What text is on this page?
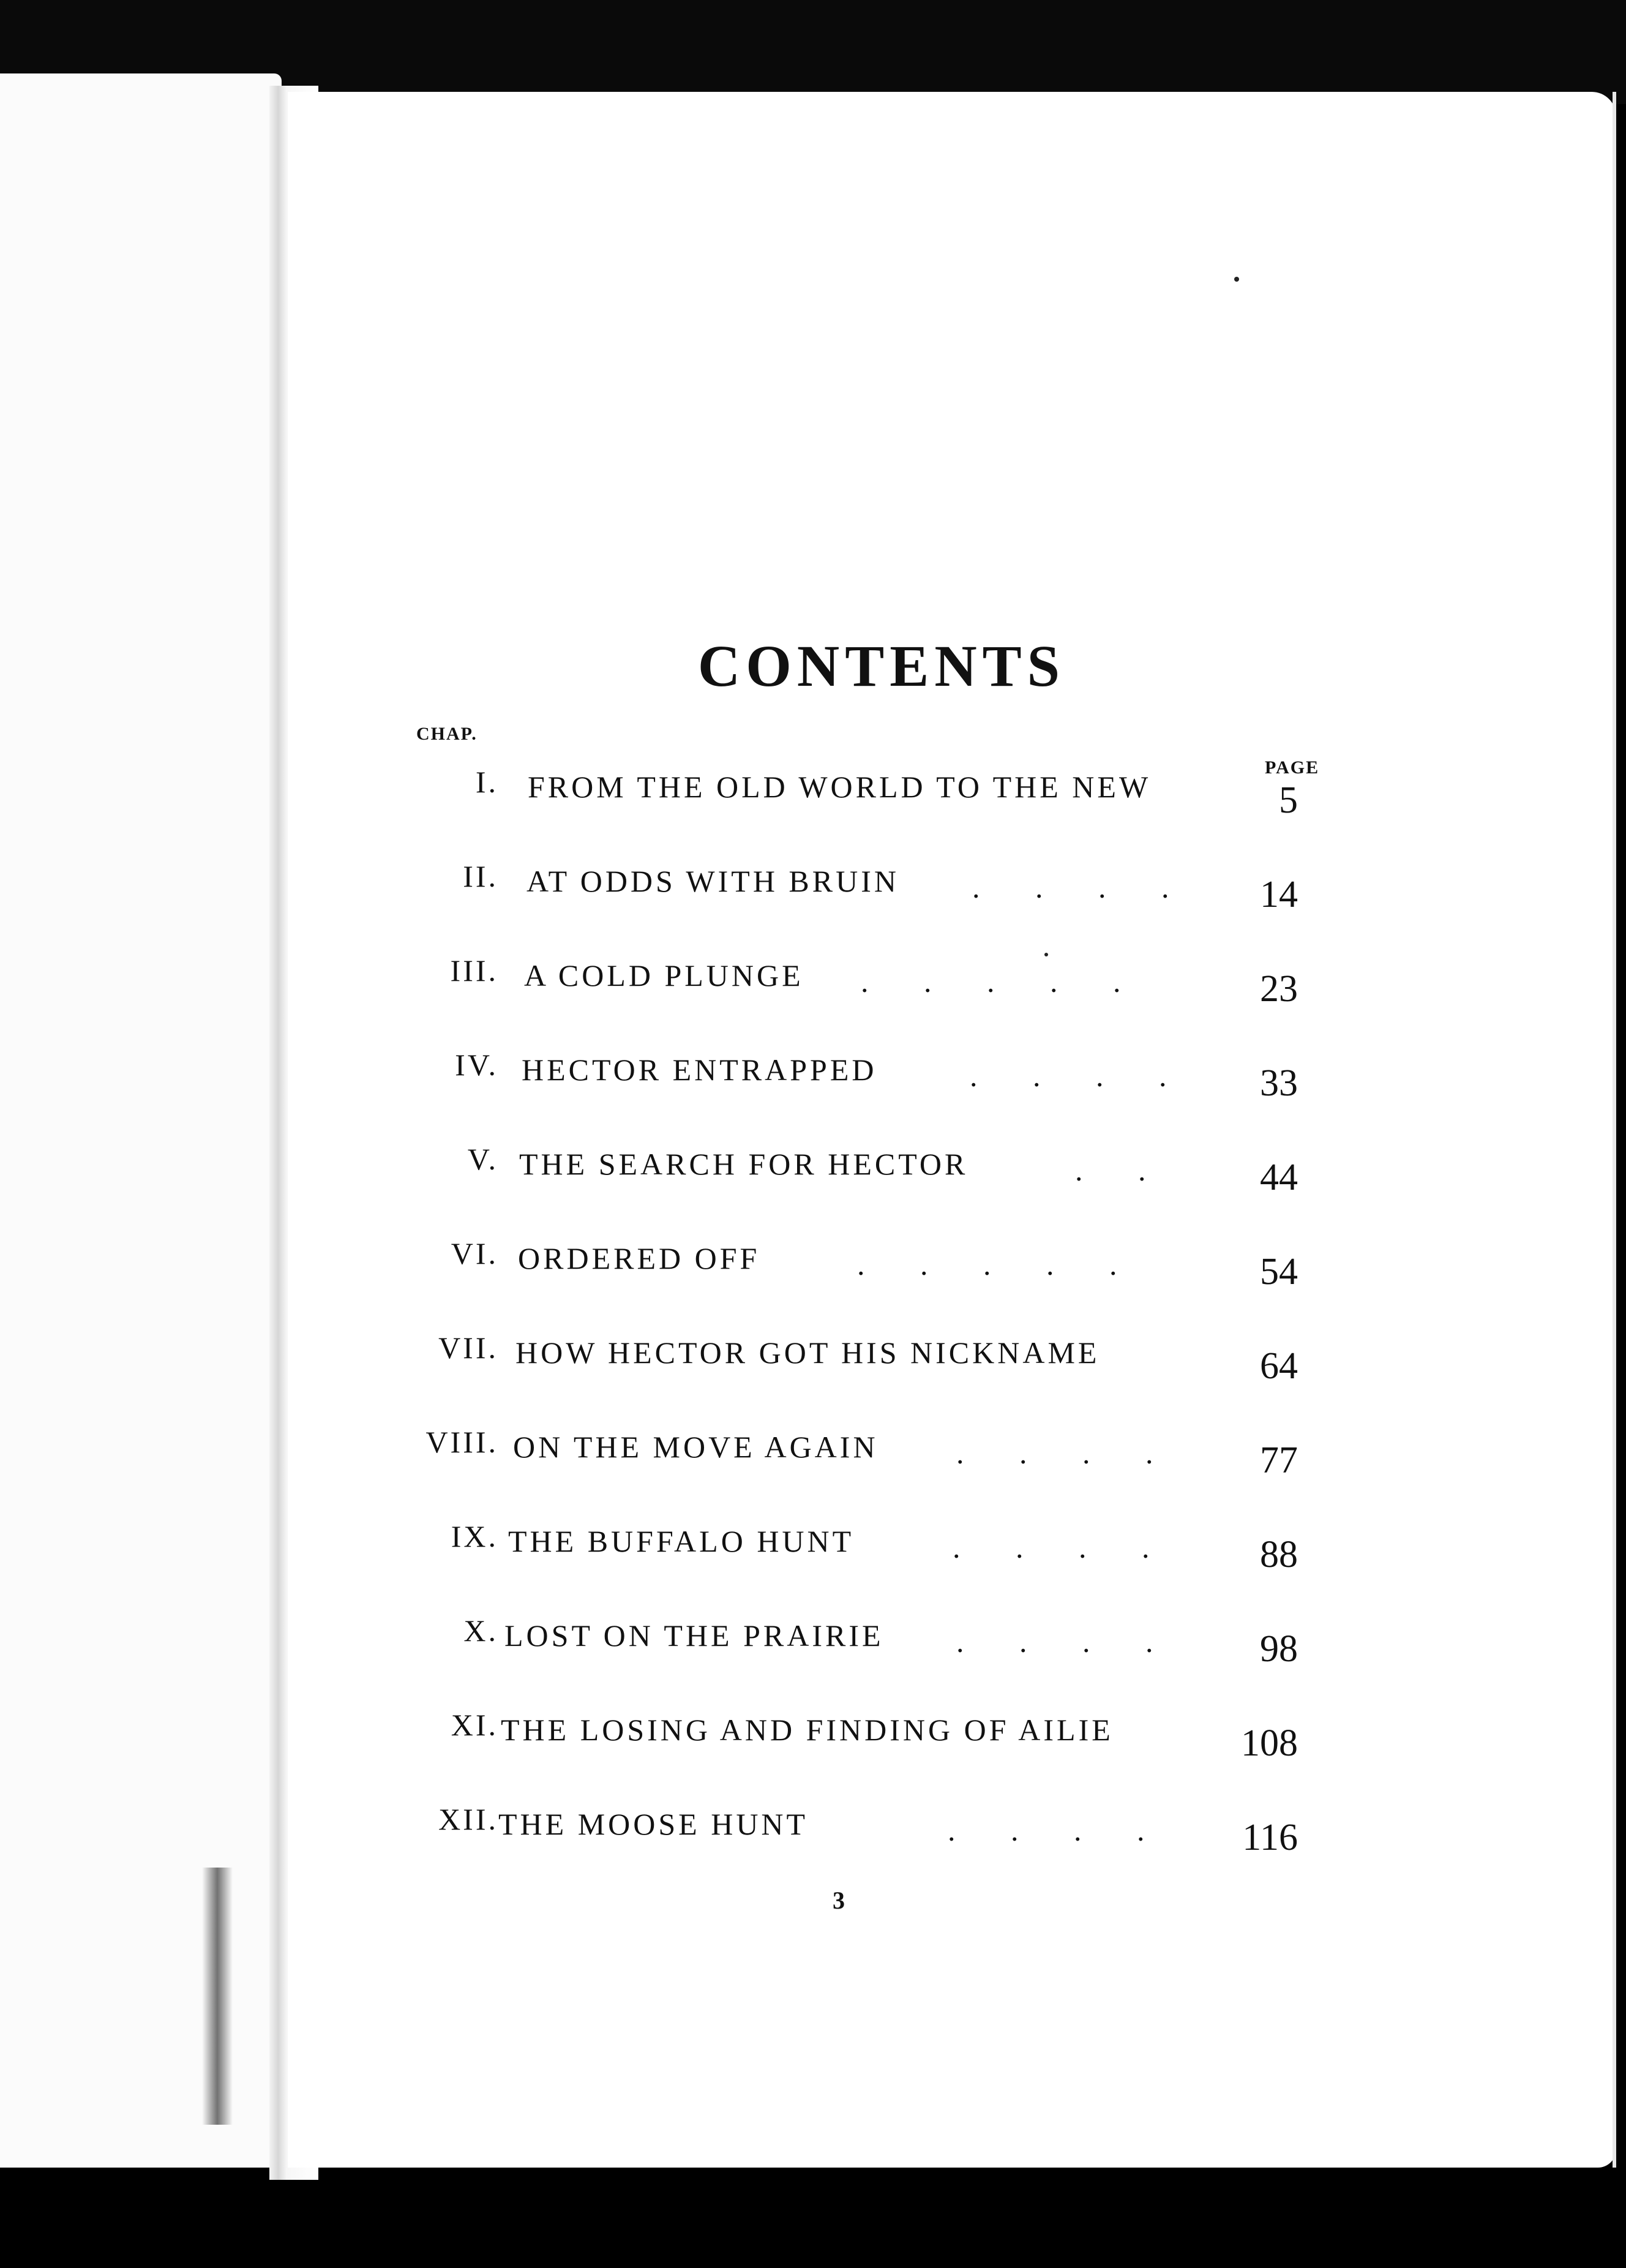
CONTENTS
CHAP.
PAGE
I. FROM THE OLD WORLD TO THE NEW	5
II. AT ODDS WITH BRUIN . . . .	14
III. A COLD PLUNGE . . . . .	23
IV. HECTOR ENTRAPPED	. . . .	33
V. THE SEARCH FOR HECTOR	. .	44
VI. ORDERED OFF	. . . . .	54
VII. HOW HECTOR GOT HIS NICKNAME	64
VIII. ON THE MOVE AGAIN	. . . .	77
IX. THE BUFFALO HUNT	. . . .	88
X. LOST ON THE PRAIRIE . . . .	98
XI. THE LOSING AND FINDING OF AILIE	108
XII. THE MOOSE HUNT	. . . .	116
3
